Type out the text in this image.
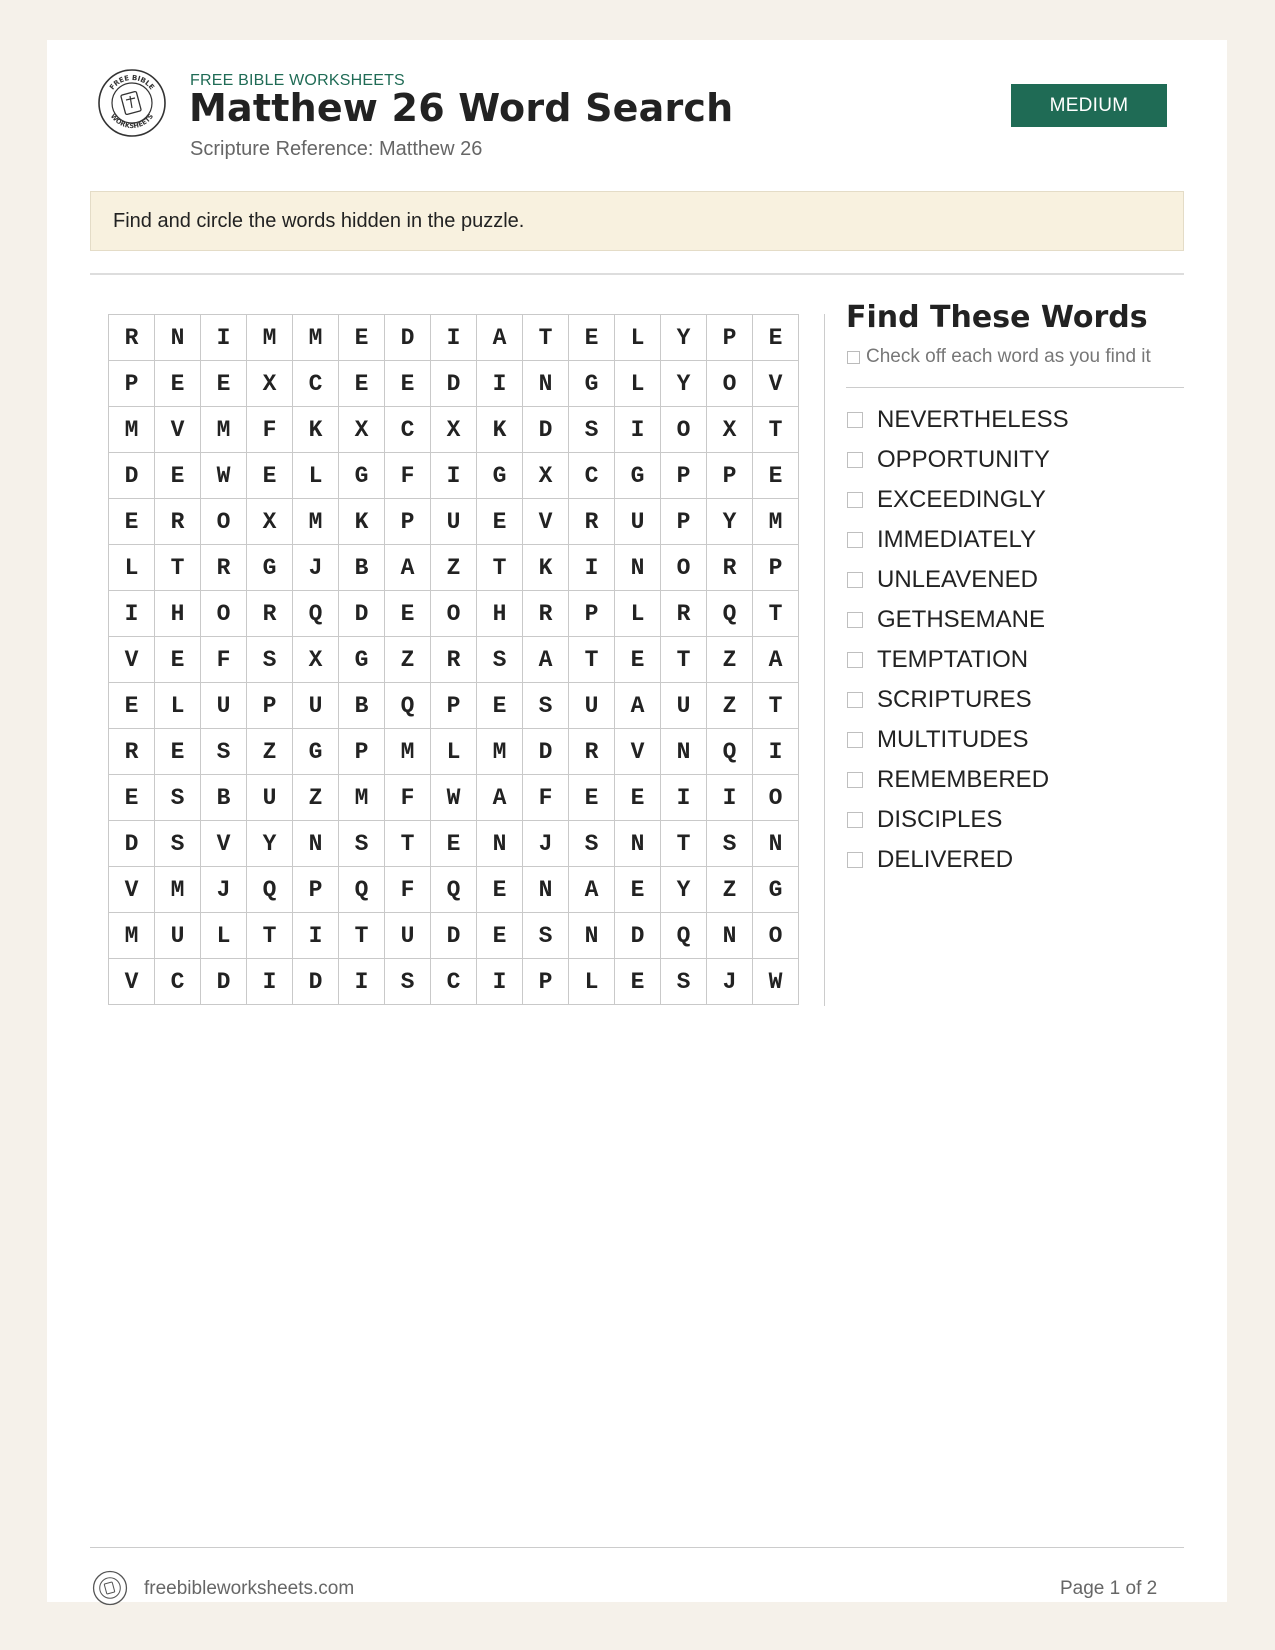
FREE BIBLE
WORKSHEETS
FREE BIBLE WORKSHEETS
Matthew 26 Word Search
Scripture Reference: Matthew 26
MEDIUM
Find and circle the words hidden in the puzzle.
R	N	I	M	M	E	D	I	A	T	E	L	Y	P	E
P	E	E	X	C	E	E	D	I	N	G	L	Y	O	V
M	V	M	F	K	X	C	X	K	D	S	I	O	X	T
D	E	W	E	L	G	F	I	G	X	C	G	P	P	E
E	R	O	X	M	K	P	U	E	V	R	U	P	Y	M
L	T	R	G	J	B	A	Z	T	K	I	N	O	R	P
I	H	O	R	Q	D	E	O	H	R	P	L	R	Q	T
V	E	F	S	X	G	Z	R	S	A	T	E	T	Z	A
E	L	U	P	U	B	Q	P	E	S	U	A	U	Z	T
R	E	S	Z	G	P	M	L	M	D	R	V	N	Q	I
E	S	B	U	Z	M	F	W	A	F	E	E	I	I	O
D	S	V	Y	N	S	T	E	N	J	S	N	T	S	N
V	M	J	Q	P	Q	F	Q	E	N	A	E	Y	Z	G
M	U	L	T	I	T	U	D	E	S	N	D	Q	N	O
V	C	D	I	D	I	S	C	I	P	L	E	S	J	W
Find These Words
Check off each word as you find it
NEVERTHELESS
OPPORTUNITY
EXCEEDINGLY
IMMEDIATELY
UNLEAVENED
GETHSEMANE
TEMPTATION
SCRIPTURES
MULTITUDES
REMEMBERED
DISCIPLES
DELIVERED
freebibleworksheets.com	Page 1 of 2
